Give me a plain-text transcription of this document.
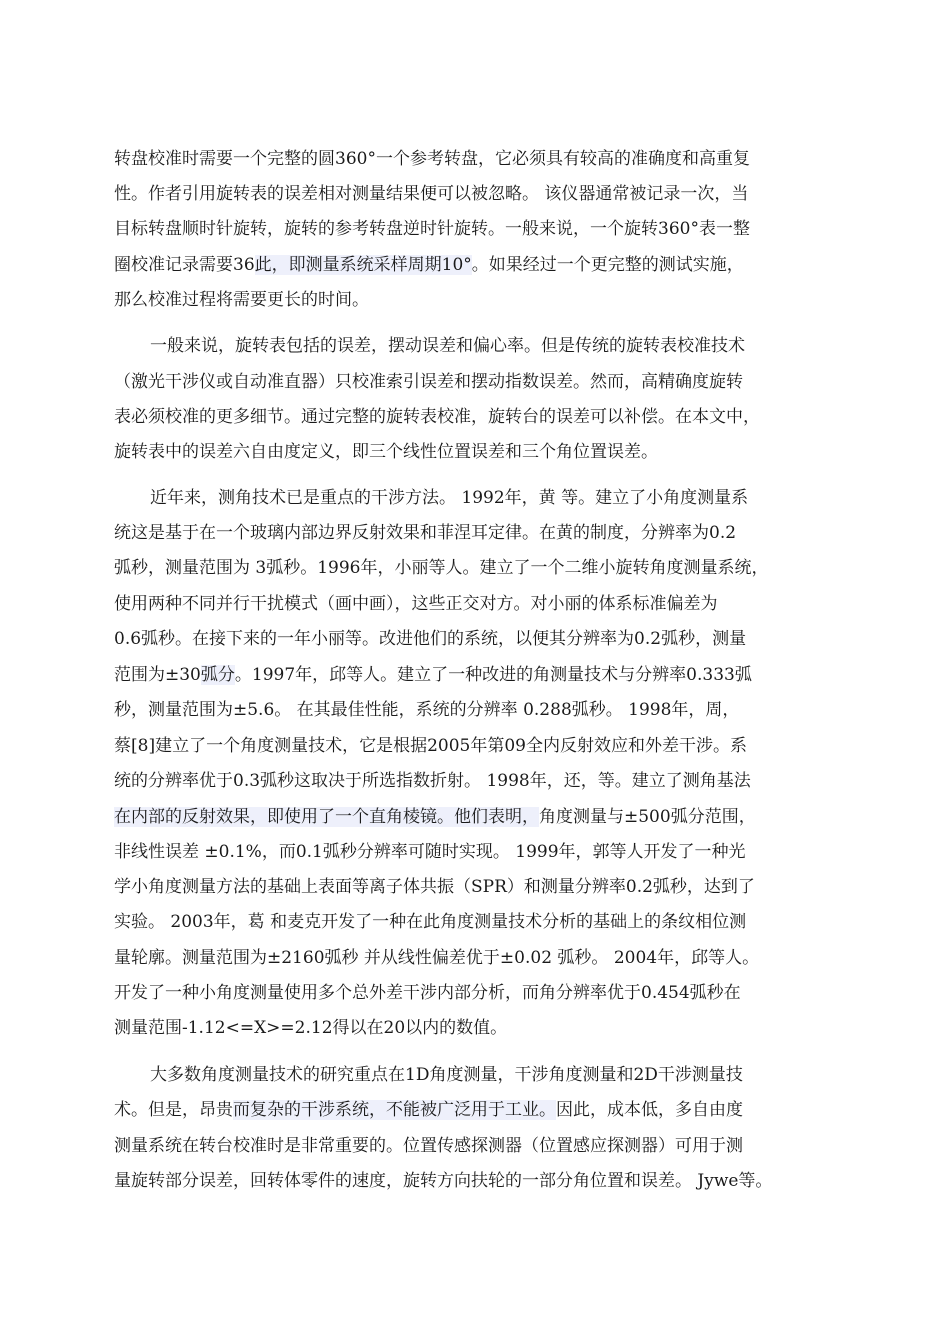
转盘校准时需要一个完整的圆360°一个参考转盘，它必须具有较高的准确度和高重复
性。作者引用旋转表的误差相对测量结果便可以被忽略。 该仪器通常被记录一次，当
目标转盘顺时针旋转，旋转的参考转盘逆时针旋转。一般来说，一个旋转360°表一整
圈校准记录需要36此，即测量系统采样周期10°。如果经过一个更完整的测试实施，
那么校准过程将需要更长的时间。
一般来说，旋转表包括的误差，摆动误差和偏心率。但是传统的旋转表校准技术
（激光干涉仪或自动准直器）只校准索引误差和摆动指数误差。然而，高精确度旋转
表必须校准的更多细节。通过完整的旋转表校准，旋转台的误差可以补偿。在本文中，
旋转表中的误差六自由度定义，即三个线性位置误差和三个角位置误差。
近年来，测角技术已是重点的干涉方法。 1992年，黄 等。建立了小角度测量系
统这是基于在一个玻璃内部边界反射效果和菲涅耳定律。在黄的制度，分辨率为0.2
弧秒，测量范围为 3弧秒。1996年，小丽等人。建立了一个二维小旋转角度测量系统，
使用两种不同并行干扰模式（画中画），这些正交对方。对小丽的体系标准偏差为
0.6弧秒。在接下来的一年小丽等。改进他们的系统，以便其分辨率为0.2弧秒，测量
范围为±30弧分。1997年，邱等人。建立了一种改进的角测量技术与分辨率0.333弧
秒，测量范围为±5.6。 在其最佳性能，系统的分辨率 0.288弧秒。 1998年，周，
蔡[8]建立了一个角度测量技术，它是根据2005年第09全内反射效应和外差干涉。系
统的分辨率优于0.3弧秒这取决于所选指数折射。 1998年，还，等。建立了测角基法
在内部的反射效果，即使用了一个直角棱镜。他们表明，角度测量与±500弧分范围，
非线性误差 ±0.1%，而0.1弧秒分辨率可随时实现。 1999年，郭等人开发了一种光
学小角度测量方法的基础上表面等离子体共振（SPR）和测量分辨率0.2弧秒，达到了
实验。 2003年，葛 和麦克开发了一种在此角度测量技术分析的基础上的条纹相位测
量轮廓。测量范围为±2160弧秒 并从线性偏差优于±0.02 弧秒。 2004年，邱等人。
开发了一种小角度测量使用多个总外差干涉内部分析，而角分辨率优于0.454弧秒在
测量范围-1.12<=X>=2.12得以在20以内的数值。
大多数角度测量技术的研究重点在1D角度测量，干涉角度测量和2D干涉测量技
术。但是，昂贵而复杂的干涉系统，不能被广泛用于工业。因此，成本低，多自由度
测量系统在转台校准时是非常重要的。位置传感探测器（位置感应探测器）可用于测
量旋转部分误差，回转体零件的速度，旋转方向扶轮的一部分角位置和误差。 Jywe等。
